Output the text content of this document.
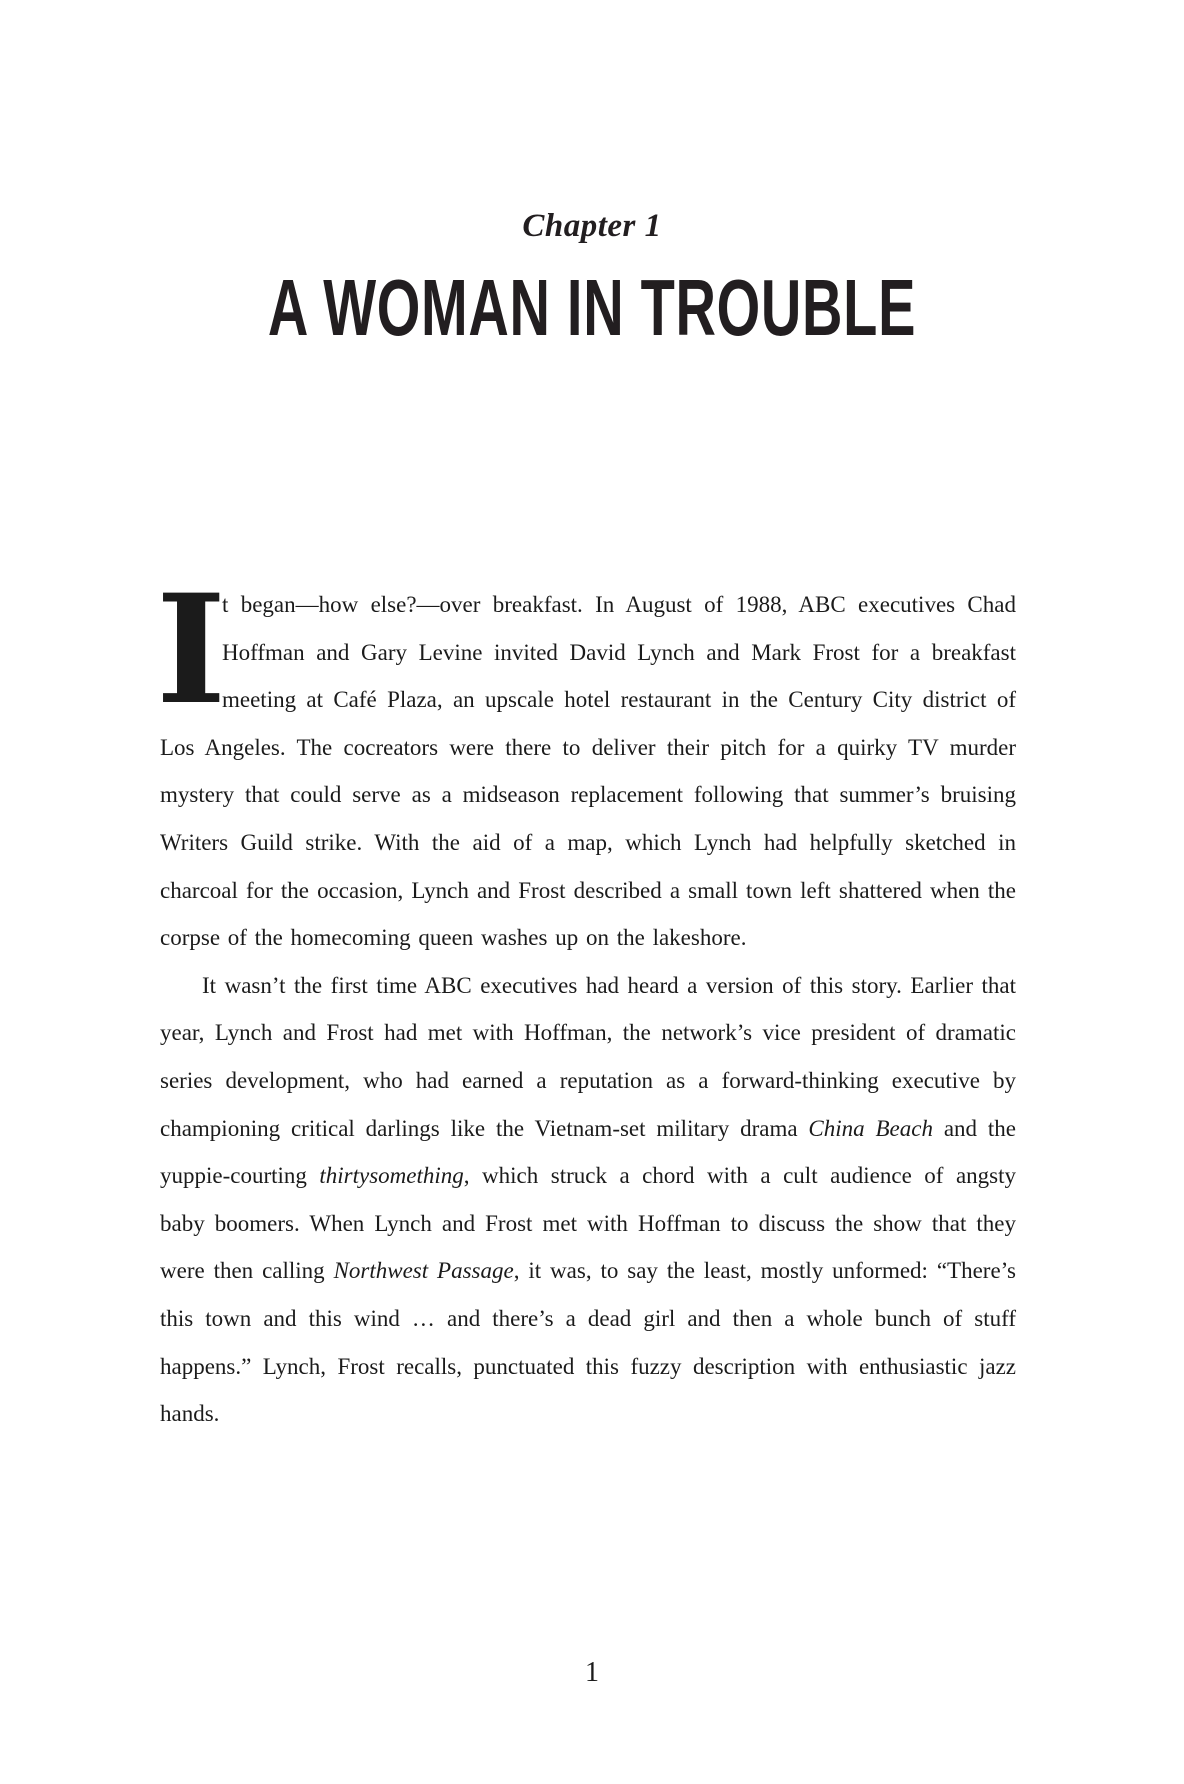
Chapter 1
A WOMAN IN TROUBLE

I
t began—how else?—over breakfast. In August of 1988, ABC executives Chad Hoffman and Gary Levine invited David Lynch and Mark Frost for a breakfast meeting at Café Plaza, an upscale hotel restaurant in the Century City district of Los Angeles. The cocreators were there to deliver their pitch for a quirky TV murder mystery that could serve as a midseason replacement following that summer’s bruising Writers Guild strike. With the aid of a map, which Lynch had helpfully sketched in charcoal for the occasion, Lynch and Frost described a small town left shattered when the corpse of the homecoming queen washes up on the lakeshore.

It wasn’t the first time ABC executives had heard a version of this story. Earlier that year, Lynch and Frost had met with Hoffman, the network’s vice president of dramatic series development, who had earned a reputation as a forward-thinking executive by championing critical darlings like the Vietnam-set military drama China Beach and the yuppie-courting thirtysomething, which struck a chord with a cult audience of angsty baby boomers. When Lynch and Frost met with Hoffman to discuss the show that they were then calling Northwest Passage, it was, to say the least, mostly unformed: “There’s this town and this wind … and there’s a dead girl and then a whole bunch of stuff happens.” Lynch, Frost recalls, punctuated this fuzzy description with enthusiastic jazz hands.

1
